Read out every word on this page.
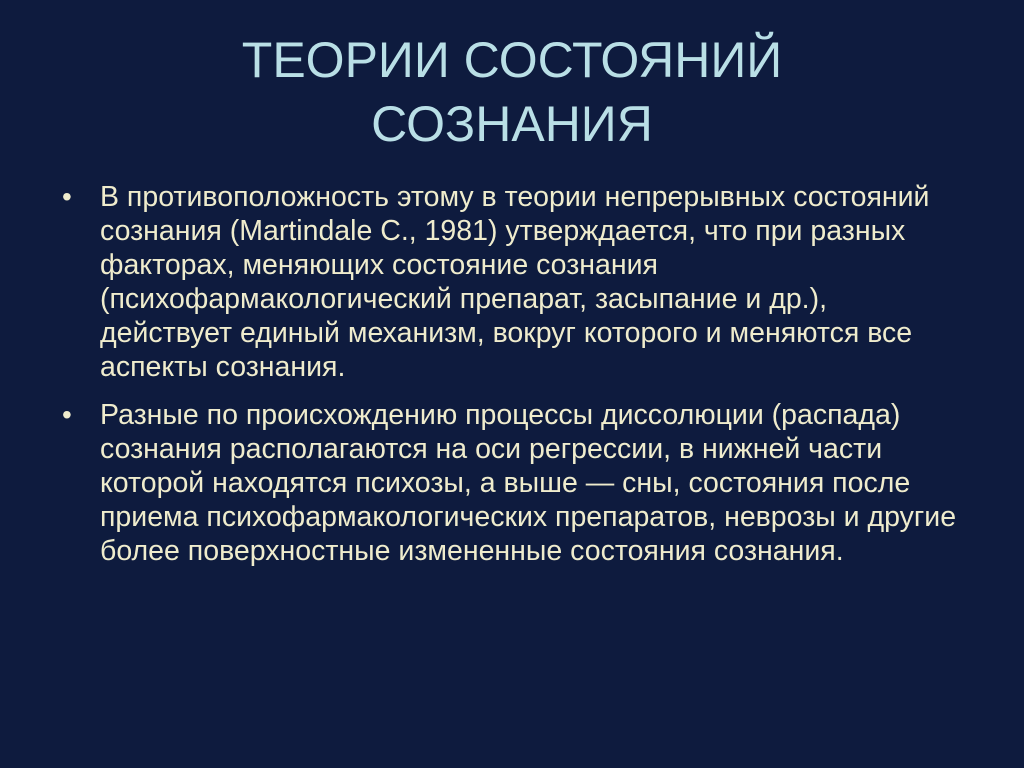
ТЕОРИИ СОСТОЯНИЙ
СОЗНАНИЯ
• В противоположность этому в теории непрерывных состояний сознания (Martindale С., 1981) утверждается, что при разных факторах, меняющих состояние сознания (психофармакологический препарат, засыпание и др.), действует единый механизм, вокруг которого и меняются все аспекты сознания.
• Разные по происхождению процессы диссолюции (распада) сознания располагаются на оси регрессии, в нижней части которой находятся психозы, а выше — сны, состояния после приема психофармакологических препаратов, неврозы и другие более поверхностные измененные состояния сознания.
